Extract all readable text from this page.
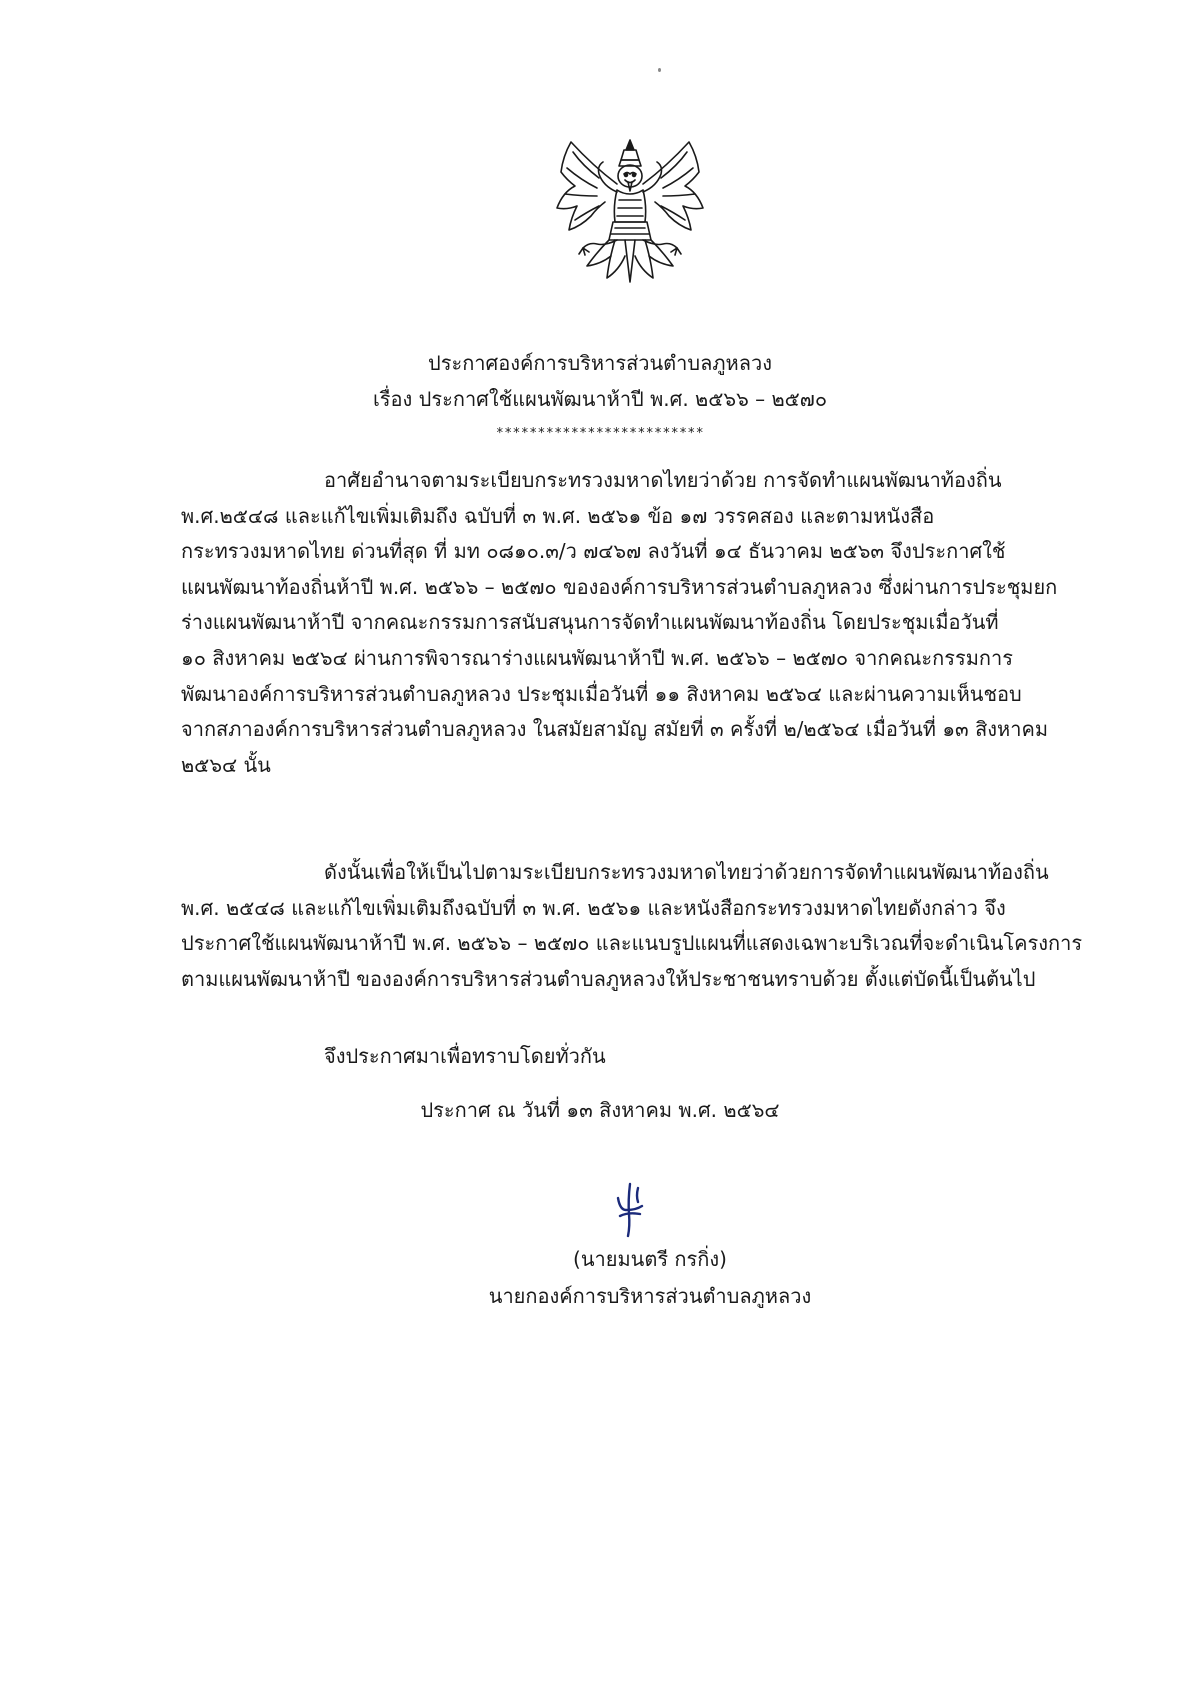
ประกาศองค์การบริหารส่วนตำบลภูหลวง
เรื่อง ประกาศใช้แผนพัฒนาห้าปี พ.ศ. ๒๕๖๖ – ๒๕๗๐
*************************
อาศัยอำนาจตามระเบียบกระทรวงมหาดไทยว่าด้วย การจัดทำแผนพัฒนาท้องถิ่น
พ.ศ.๒๕๔๘ และแก้ไขเพิ่มเติมถึง ฉบับที่ ๓ พ.ศ. ๒๕๖๑ ข้อ ๑๗ วรรคสอง และตามหนังสือ
กระทรวงมหาดไทย ด่วนที่สุด ที่ มท ๐๘๑๐.๓/ว ๗๔๖๗ ลงวันที่ ๑๔ ธันวาคม ๒๕๖๓ จึงประกาศใช้
แผนพัฒนาท้องถิ่นห้าปี พ.ศ. ๒๕๖๖ – ๒๕๗๐ ขององค์การบริหารส่วนตำบลภูหลวง ซึ่งผ่านการประชุมยก
ร่างแผนพัฒนาห้าปี จากคณะกรรมการสนับสนุนการจัดทำแผนพัฒนาท้องถิ่น โดยประชุมเมื่อวันที่
๑๐ สิงหาคม ๒๕๖๔ ผ่านการพิจารณาร่างแผนพัฒนาห้าปี พ.ศ. ๒๕๖๖ – ๒๕๗๐ จากคณะกรรมการ
พัฒนาองค์การบริหารส่วนตำบลภูหลวง ประชุมเมื่อวันที่ ๑๑ สิงหาคม ๒๕๖๔ และผ่านความเห็นชอบ
จากสภาองค์การบริหารส่วนตำบลภูหลวง ในสมัยสามัญ สมัยที่ ๓ ครั้งที่ ๒/๒๕๖๔ เมื่อวันที่ ๑๓ สิงหาคม
๒๕๖๔ นั้น
ดังนั้นเพื่อให้เป็นไปตามระเบียบกระทรวงมหาดไทยว่าด้วยการจัดทำแผนพัฒนาท้องถิ่น
พ.ศ. ๒๕๔๘ และแก้ไขเพิ่มเติมถึงฉบับที่ ๓ พ.ศ. ๒๕๖๑ และหนังสือกระทรวงมหาดไทยดังกล่าว จึง
ประกาศใช้แผนพัฒนาห้าปี พ.ศ. ๒๕๖๖ – ๒๕๗๐ และแนบรูปแผนที่แสดงเฉพาะบริเวณที่จะดำเนินโครงการ
ตามแผนพัฒนาห้าปี ขององค์การบริหารส่วนตำบลภูหลวงให้ประชาชนทราบด้วย ตั้งแต่บัดนี้เป็นต้นไป
จึงประกาศมาเพื่อทราบโดยทั่วกัน
ประกาศ ณ วันที่ ๑๓ สิงหาคม พ.ศ. ๒๕๖๔
(นายมนตรี กรกิ่ง)
นายกองค์การบริหารส่วนตำบลภูหลวง
